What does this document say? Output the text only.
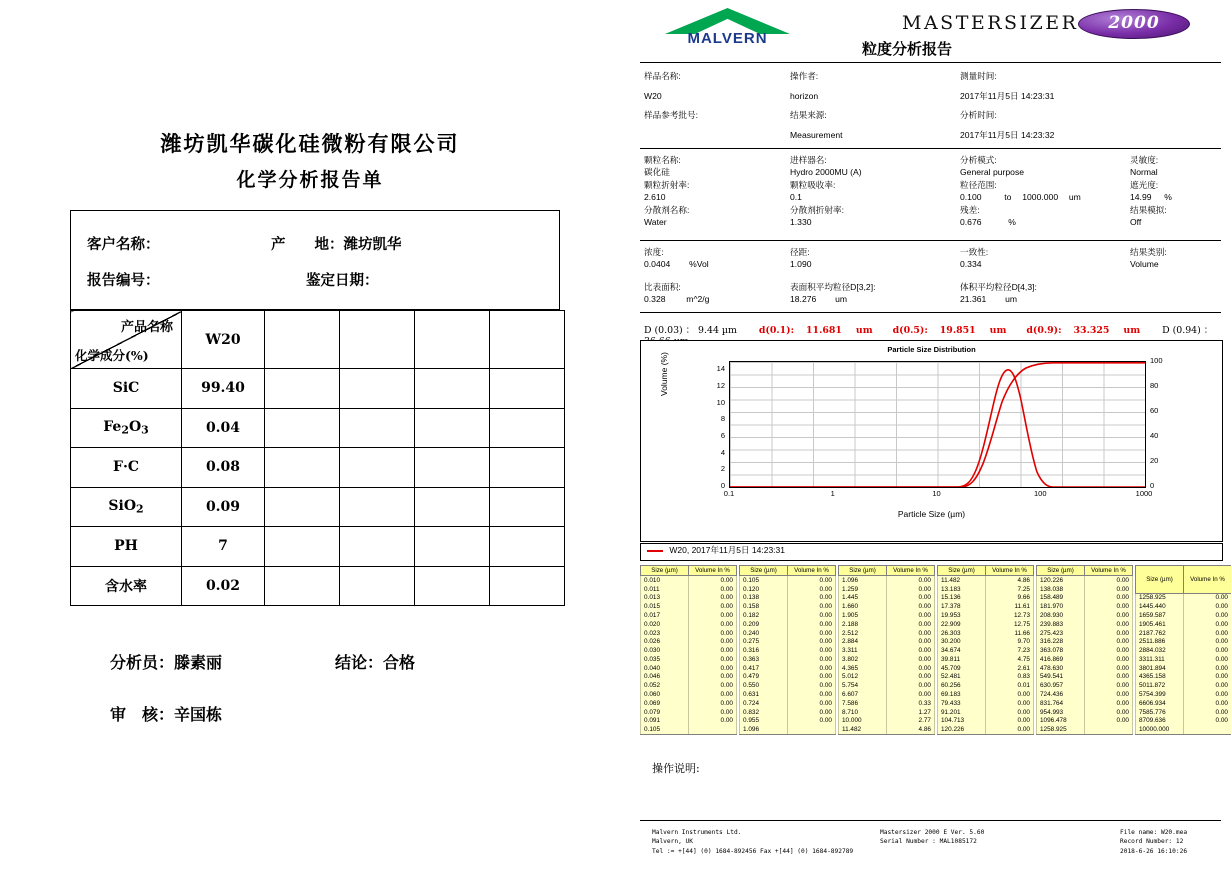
潍坊凯华碳化硅微粉有限公司
化学分析报告单
客户名称：	产　　地：潍坊凯华
报告编号：	鉴定日期：
产品名称
化学成分(%)	W20				
SiC	99.40				
$Fe_2O_3$	0.04				
F·C	0.08				
SiO$_2$	0.09				
PH	7				
含水率	0.02				
分析员：滕素丽	结论：合格
审　核：辛国栋
MALVERN
MASTERSIZER	2000
粒度分析报告
样品名称:
W20
样品参考批号:
操作者:
horizon
结果来源:
Measurement
测量时间:
2017年11月5日 14:23:31
分析时间:
2017年11月5日 14:23:32
颗粒名称:
碳化硅
颗粒折射率:
2.610
分散剂名称:
Water
进样器名:
Hydro 2000MU (A)
颗粒吸收率:
0.1
分散剂折射率:
1.330
分析模式:
General purpose
粒径范围:
0.100	to 1000.000 um
残差:
0.676	%
灵敏度:
Normal
遮光度:
14.99 %
结果模拟:
Off
浓度:
0.0404 %Vol
比表面积:
0.328 m^2/g
径距:
1.090
表面积平均粒径D[3,2]:
18.276 um
一致性:
0.334
体积平均粒径D[4,3]:
21.361 um
结果类别:
Volume
D (0.03) ： 9.44 µm d(0.1): 11.681 um d(0.5): 19.851 um d(0.9): 33.325 um D (0.94) ：
Particle Size Distribution
Volume (%)
0
2
4
6
8
10
12
14
0
20
40
60
80
100
0.1	1	10	100	1000
Particle Size (µm)
W20, 2017年11月5日 14:23:31
Size (µm)	Volume In %
0.010	0.00
0.011	0.00
0.013	0.00
0.015	0.00
0.017	0.00
0.020	0.00
0.023	0.00
0.026	0.00
0.030	0.00
0.035	0.00
0.040	0.00
0.046	0.00
0.052	0.00
0.060	0.00
0.069	0.00
0.079	0.00
0.091	0.00
0.105	
Size (µm)	Volume In %
0.105	0.00
0.120	0.00
0.138	0.00
0.158	0.00
0.182	0.00
0.209	0.00
0.240	0.00
0.275	0.00
0.316	0.00
0.363	0.00
0.417	0.00
0.479	0.00
0.550	0.00
0.631	0.00
0.724	0.00
0.832	0.00
0.955	0.00
1.096	
Size (µm)	Volume In %
1.096	0.00
1.259	0.00
1.445	0.00
1.660	0.00
1.905	0.00
2.188	0.00
2.512	0.00
2.884	0.00
3.311	0.00
3.802	0.00
4.365	0.00
5.012	0.00
5.754	0.00
6.607	0.00
7.586	0.33
8.710	1.27
10.000	2.77
11.482	4.86
Size (µm)	Volume In %
11.482	4.86
13.183	7.25
15.136	9.66
17.378	11.61
19.953	12.73
22.909	12.75
26.303	11.66
30.200	9.70
34.674	7.23
39.811	4.75
45.709	2.61
52.481	0.83
60.256	0.01
69.183	0.00
79.433	0.00
91.201	0.00
104.713	0.00
120.226	0.00
Size (µm)	Volume In %
120.226	0.00
138.038	0.00
158.489	0.00
181.970	0.00
208.930	0.00
239.883	0.00
275.423	0.00
316.228	0.00
363.078	0.00
416.869	0.00
478.630	0.00
549.541	0.00
630.957	0.00
724.436	0.00
831.764	0.00
954.993	0.00
1096.478	0.00
1258.925	
Size (µm)	Volume In %
1258.925	0.00
1445.440	0.00
1659.587	0.00
1905.461	0.00
2187.762	0.00
2511.886	0.00
2884.032	0.00
3311.311	0.00
3801.894	0.00
4365.158	0.00
5011.872	0.00
5754.399	0.00
6606.934	0.00
7585.776	0.00
8709.636	0.00
10000.000	
操作说明:
Malvern Instruments Ltd.
Malvern, UK
Tel := +[44] (0) 1684-892456 Fax +[44] (0) 1684-892789
Mastersizer 2000 E Ver. 5.60
Serial Number : MAL1085172
File name: W20.mea
Record Number: 12
2018-6-26 16:10:26
